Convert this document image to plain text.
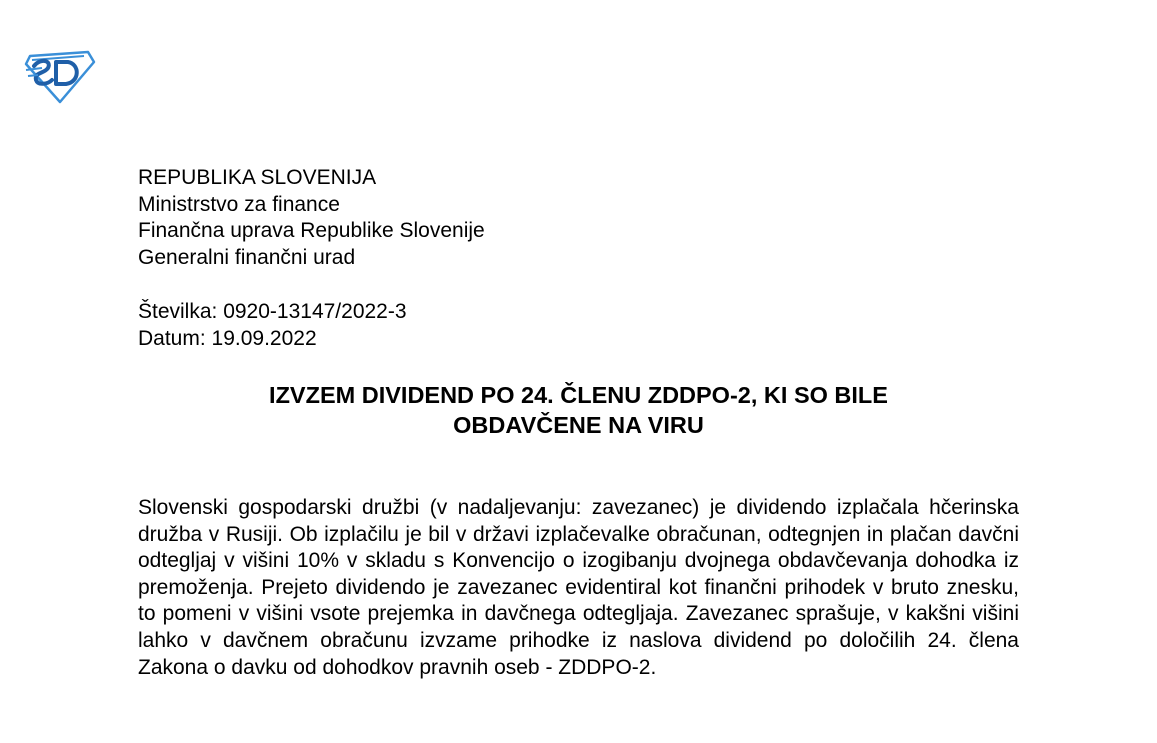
REPUBLIKA SLOVENIJA
Ministrstvo za finance
Finančna uprava Republike Slovenije
Generalni finančni urad
Številka: 0920-13147/2022-3
Datum: 19.09.2022
IZVZEM DIVIDEND PO 24. ČLENU ZDDPO-2, KI SO BILE
OBDAVČENE NA VIRU
Slovenski gospodarski družbi (v nadaljevanju: zavezanec) je dividendo izplačala hčerinska družba v Rusiji. Ob izplačilu je bil v državi izplačevalke obračunan, odtegnjen in plačan davčni odtegljaj v višini 10% v skladu s Konvencijo o izogibanju dvojnega obdavčevanja dohodka iz premoženja. Prejeto dividendo je zavezanec evidentiral kot finančni prihodek v bruto znesku, to pomeni v višini vsote prejemka in davčnega odtegljaja. Zavezanec sprašuje, v kakšni višini lahko v davčnem obračunu izvzame prihodke iz naslova dividend po določilih 24. člena Zakona o davku od dohodkov pravnih oseb - ZDDPO-2.
